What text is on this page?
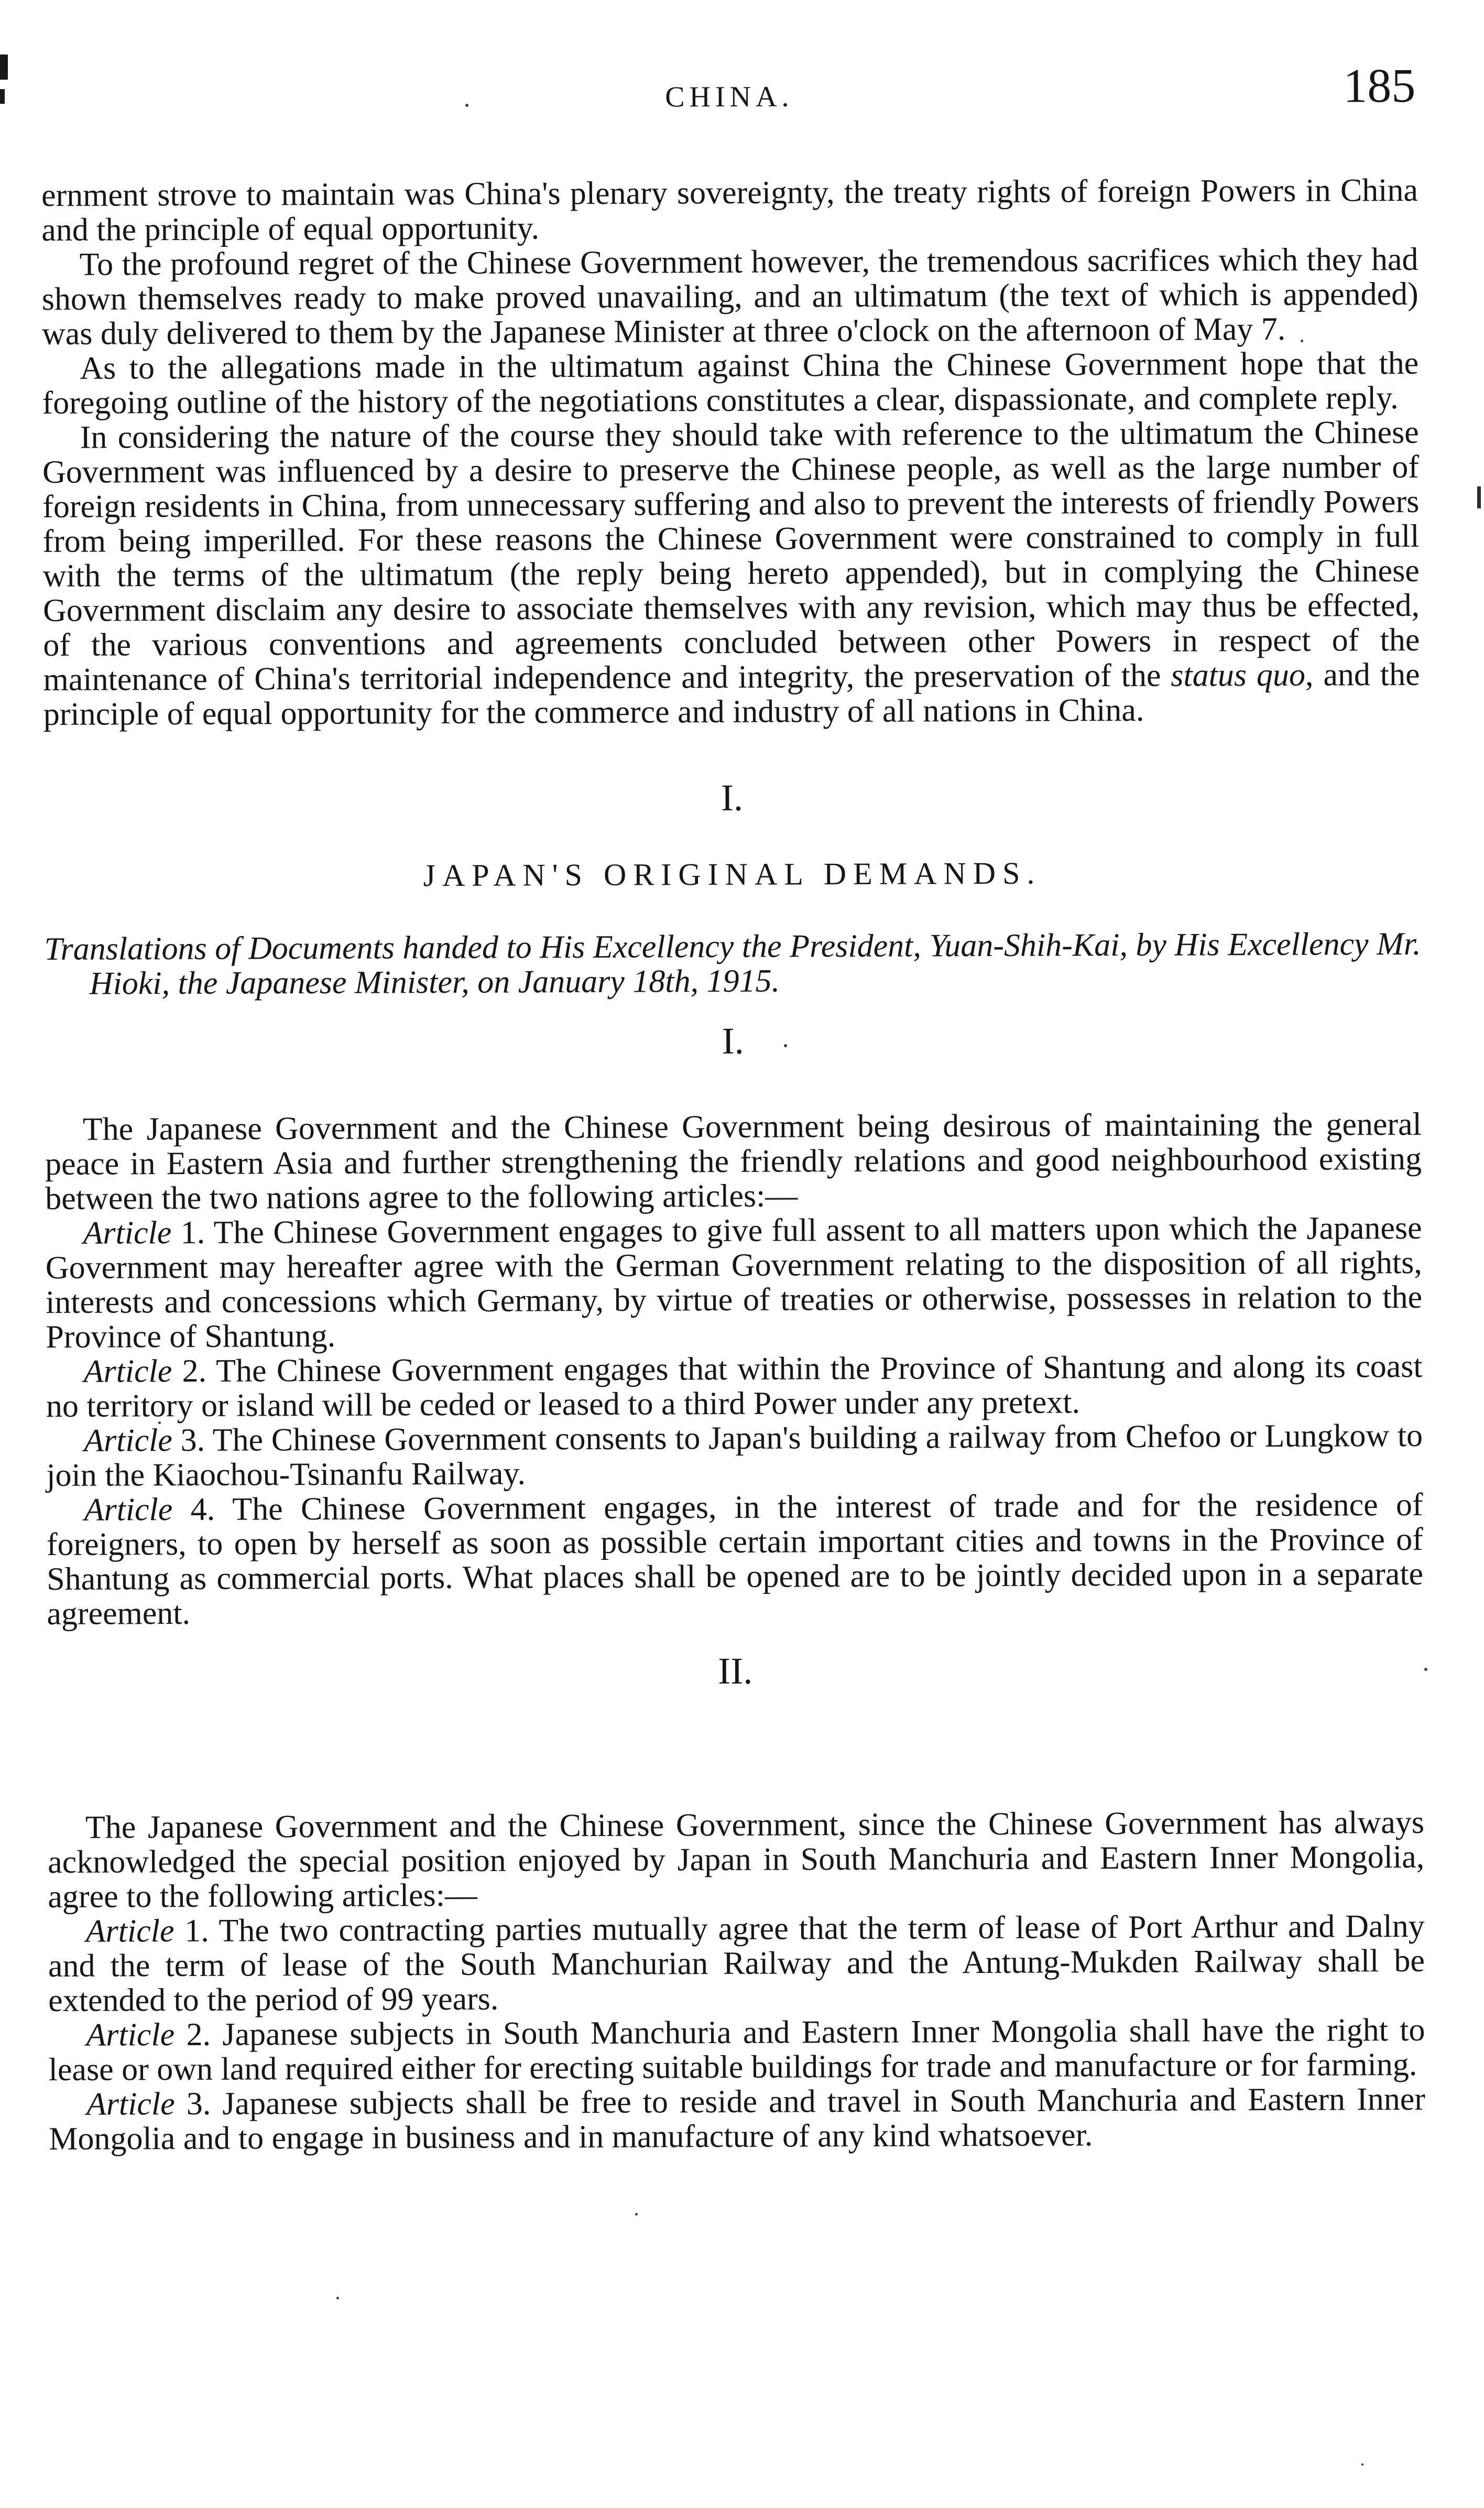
CHINA.	185

ernment strove to maintain was China's plenary sovereignty, the treaty rights of foreign Powers in China and the principle of equal opportunity.

To the profound regret of the Chinese Government however, the tremendous sacrifices which they had shown themselves ready to make proved unavailing, and an ultimatum (the text of which is appended) was duly delivered to them by the Japanese Minister at three o'clock on the afternoon of May 7.

As to the allegations made in the ultimatum against China the Chinese Government hope that the foregoing outline of the history of the negotiations constitutes a clear, dispassionate, and complete reply.

In considering the nature of the course they should take with reference to the ultimatum the Chinese Government was influenced by a desire to preserve the Chinese people, as well as the large number of foreign residents in China, from unnecessary suffering and also to prevent the interests of friendly Powers from being imperilled. For these reasons the Chinese Government were constrained to comply in full with the terms of the ultimatum (the reply being hereto appended), but in complying the Chinese Government disclaim any desire to associate themselves with any revision, which may thus be effected, of the various conventions and agreements concluded between other Powers in respect of the maintenance of China's territorial independence and integrity, the preservation of the status quo, and the principle of equal opportunity for the commerce and industry of all nations in China.

I.
JAPAN'S ORIGINAL DEMANDS.

Translations of Documents handed to His Excellency the President, Yuan-Shih-Kai, by His Excellency Mr. Hioki, the Japanese Minister, on January 18th, 1915.

I.

The Japanese Government and the Chinese Government being desirous of maintaining the general peace in Eastern Asia and further strengthening the friendly relations and good neighbourhood existing between the two nations agree to the following articles:—

Article 1. The Chinese Government engages to give full assent to all matters upon which the Japanese Government may hereafter agree with the German Government relating to the disposition of all rights, interests and concessions which Germany, by virtue of treaties or otherwise, possesses in relation to the Province of Shantung.

Article 2. The Chinese Government engages that within the Province of Shantung and along its coast no territory or island will be ceded or leased to a third Power under any pretext.

Article 3. The Chinese Government consents to Japan's building a railway from Chefoo or Lungkow to join the Kiaochou-Tsinanfu Railway.

Article 4. The Chinese Government engages, in the interest of trade and for the residence of foreigners, to open by herself as soon as possible certain important cities and towns in the Province of Shantung as commercial ports. What places shall be opened are to be jointly decided upon in a separate agreement.

II.

The Japanese Government and the Chinese Government, since the Chinese Government has always acknowledged the special position enjoyed by Japan in South Manchuria and Eastern Inner Mongolia, agree to the following articles:—

Article 1. The two contracting parties mutually agree that the term of lease of Port Arthur and Dalny and the term of lease of the South Manchurian Railway and the Antung-Mukden Railway shall be extended to the period of 99 years.

Article 2. Japanese subjects in South Manchuria and Eastern Inner Mongolia shall have the right to lease or own land required either for erecting suitable buildings for trade and manufacture or for farming.

Article 3. Japanese subjects shall be free to reside and travel in South Manchuria and Eastern Inner Mongolia and to engage in business and in manufacture of any kind whatsoever.
